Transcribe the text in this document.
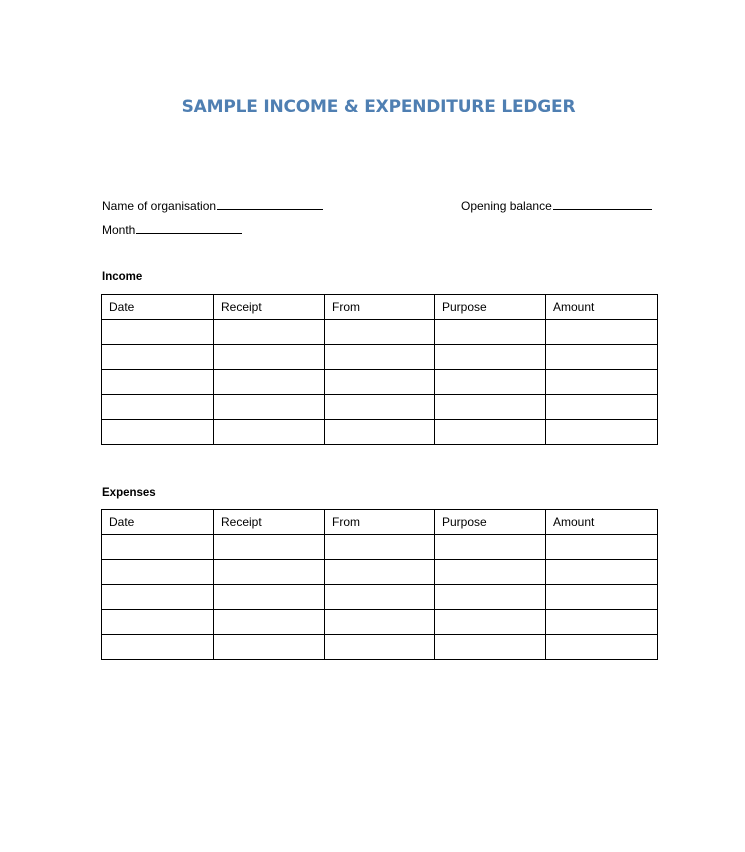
SAMPLE INCOME & EXPENDITURE LEDGER
Name of organisation	Opening balance
Month
Income
Date	Receipt	From	Purpose	Amount

Expenses
Date	Receipt	From	Purpose	Amount
